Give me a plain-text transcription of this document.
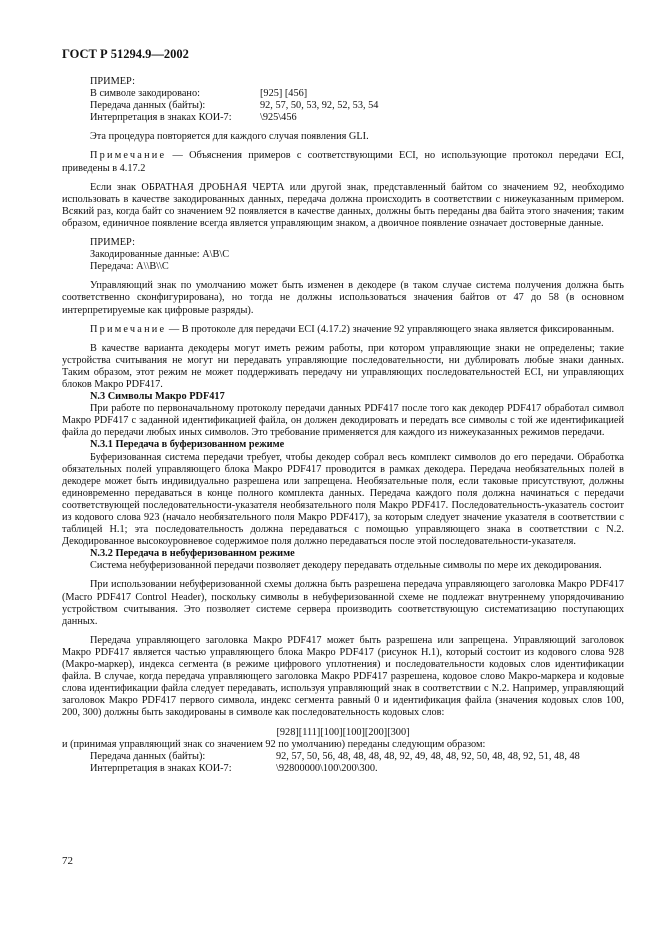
ГОСТ Р 51294.9—2002

ПРИМЕР:

В символе закодировано:	[925] [456]
Передача данных (байты):	92, 57, 50, 53, 92, 52, 53, 54
Интерпретация в знаках КОИ-7:	\925\456

Эта процедура повторяется для каждого случая появления GLI.

Примечание — Объяснения примеров с соответствующими ECI, но использующие протокол передачи ECI, приведены в 4.17.2

Если знак ОБРАТНАЯ ДРОБНАЯ ЧЕРТА или другой знак, представленный байтом со значением 92, необходимо использовать в качестве закодированных данных, передача должна происходить в соответствии с нижеуказанным примером. Всякий раз, когда байт со значением 92 появляется в качестве данных, должны быть переданы два байта этого значения; таким образом, единичное появление всегда является управляющим знаком, а двоичное появление означает достоверные данные.

ПРИМЕР:

Закодированные данные: A\B\C

Передача: A\\B\\C

Управляющий знак по умолчанию может быть изменен в декодере (в таком случае система получения должна быть соответственно сконфигурирована), но тогда не должны использоваться значения байтов от 47 до 58 (в основном интерпретируемые как цифровые разряды).

Примечание — В протоколе для передачи ECI (4.17.2) значение 92 управляющего знака является фиксированным.

В качестве варианта декодеры могут иметь режим работы, при котором управляющие знаки не определены; такие устройства считывания не могут ни передавать управляющие последовательности, ни дублировать любые знаки данных. Таким образом, этот режим не может поддерживать передачу ни управляющих последовательностей ECI, ни управляющих блоков Макро PDF417.

N.3 Символы Макро PDF417

При работе по первоначальному протоколу передачи данных PDF417 после того как декодер PDF417 обработал символ Макро PDF417 с заданной идентификацией файла, он должен декодировать и передать все символы с той же идентификацией файла до передачи любых иных символов. Это требование применяется для каждого из нижеуказанных режимов передачи.

N.3.1 Передача в буферизованном режиме

Буферизованная система передачи требует, чтобы декодер собрал весь комплект символов до его передачи. Обработка обязательных полей управляющего блока Макро PDF417 проводится в рамках декодера. Передача необязательных полей в декодере может быть индивидуально разрешена или запрещена. Необязательные поля, если таковые присутствуют, должны единовременно передаваться в конце полного комплекта данных. Передача каждого поля должна начинаться с передачи соответствующей последовательности-указателя необязательного поля Макро PDF417. Последовательность-указатель состоит из кодового слова 923 (начало необязательного поля Макро PDF417), за которым следует значение указателя в соответствии с таблицей H.1; эта последовательность должна передаваться с помощью управляющего знака в соответствии с N.2. Декодированное высокоуровневое содержимое поля должно передаваться после этой последовательности-указателя.

N.3.2 Передача в небуферизованном режиме

Система небуферизованной передачи позволяет декодеру передавать отдельные символы по мере их декодирования.

При использовании небуферизованной схемы должна быть разрешена передача управляющего заголовка Макро PDF417 (Macro PDF417 Control Header), поскольку символы в небуферизованной схеме не подлежат внутреннему упорядочиванию устройством считывания. Это позволяет системе сервера производить соответствующую систематизацию поступающих данных.

Передача управляющего заголовка Макро PDF417 может быть разрешена или запрещена. Управляющий заголовок Макро PDF417 является частью управляющего блока Макро PDF417 (рисунок H.1), который состоит из кодового слова 928 (Макро-маркер), индекса сегмента (в режиме цифрового уплотнения) и последовательности кодовых слов идентификации файла. В случае, когда передача управляющего заголовка Макро PDF417 разрешена, кодовое слово Макро-маркера и кодовые слова идентификации файла следует передавать, используя управляющий знак в соответствии с N.2. Например, управляющий заголовок Макро PDF417 первого символа, индекс сегмента равный 0 и идентификация файла (значения кодовых слов 100, 200, 300) должны быть закодированы в символе как последовательность кодовых слов:

[928][111][100][100][200][300]

и (принимая управляющий знак со значением 92 по умолчанию) переданы следующим образом:

Передача данных (байты):	92, 57, 50, 56, 48, 48, 48, 48, 92, 49, 48, 48, 92, 50, 48, 48, 92, 51, 48, 48
Интерпретация в знаках КОИ-7:	\92800000\100\200\300.
72
